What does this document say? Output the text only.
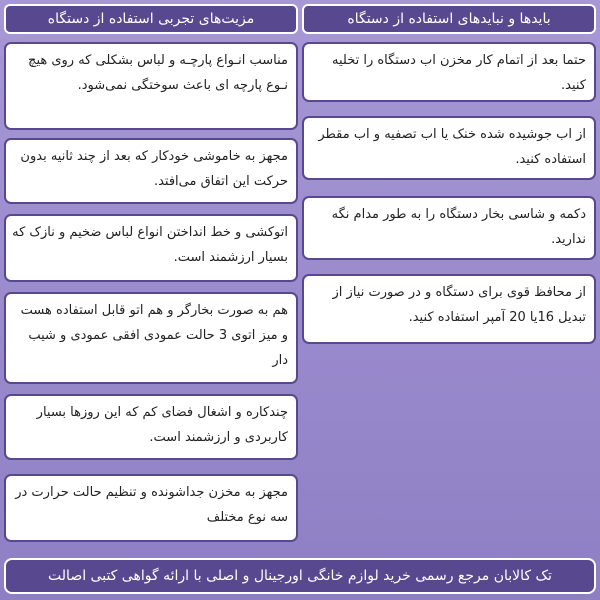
بایدها و نبایدهای استفاده از دستگاه
حتما بعد از اتمام کار مخزن اب دستگاه را تخلیه کنید.
از اب جوشیده شده خنک یا اب تصفیه و اب مقطر استفاده کنید.
دکمه و شاسی بخار دستگاه را به طور مدام نگه ندارید.
از محافظ قوی برای دستگاه و در صورت نیاز از تبدیل 16یا 20 آمپر استفاده کنید.
مزیت‌های تجربی استفاده از دستگاه
مناسب انـواع پارچـه و لباس بشکلی که روی هیچ نـوع پارچه ای باعث سوختگی نمی‌شود.
مجهز به خاموشی خودکار که بعد از چند ثانیه بدون حرکت این اتفاق می‌افتد.
اتوکشی و خط انداختن انواع لباس ضخیم و نازک که بسیار ارزشمند است.
هم به صورت بخارگر و هم اتو قابل استفاده هست و میز اتوی 3 حالت عمودی افقی عمودی و شیب دار
چندکاره و اشغال فضای کم که این روزها بسیار کاربردی و ارزشمند است.
مجهز به مخزن جداشونده و تنظیم حالت حرارت در سه نوع مختلف
تک کالابان مرجع رسمی خرید لوازم خانگی اورجینال و اصلی با ارائه گواهی کتبی اصالت
